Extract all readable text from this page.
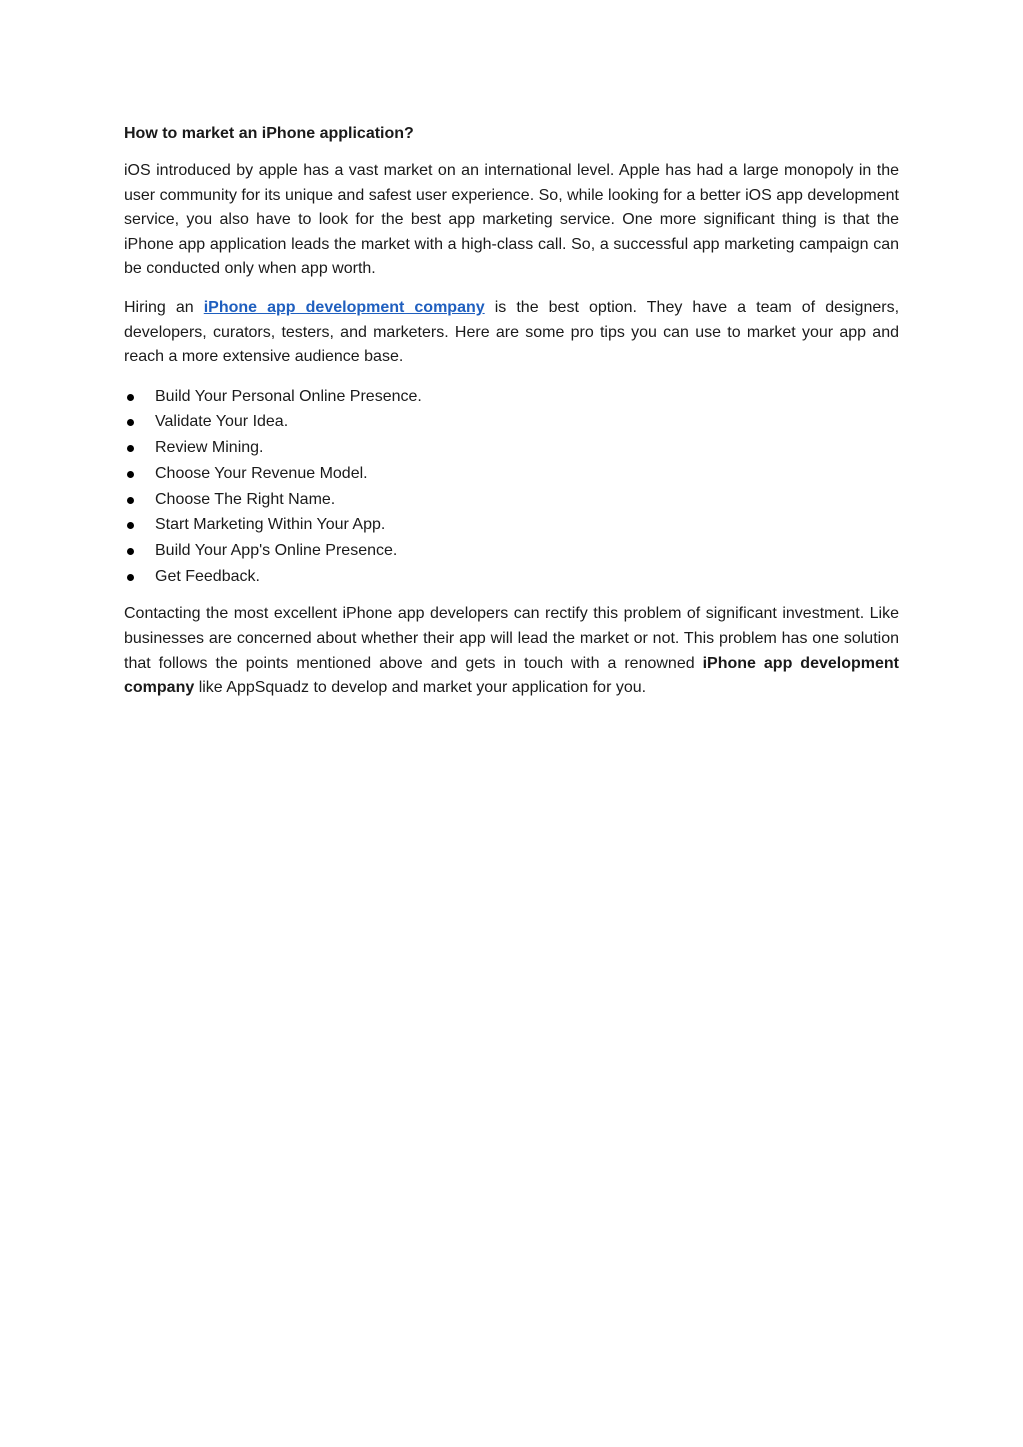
How to market an iPhone application?

iOS introduced by apple has a vast market on an international level. Apple has had a large monopoly in the user community for its unique and safest user experience. So, while looking for a better iOS app development service, you also have to look for the best app marketing service. One more significant thing is that the iPhone app application leads the market with a high-class call. So, a successful app marketing campaign can be conducted only when app worth.

Hiring an iPhone app development company is the best option. They have a team of designers, developers, curators, testers, and marketers. Here are some pro tips you can use to market your app and reach a more extensive audience base.

Build Your Personal Online Presence.
Validate Your Idea.
Review Mining.
Choose Your Revenue Model.
Choose The Right Name.
Start Marketing Within Your App.
Build Your App's Online Presence.
Get Feedback.

Contacting the most excellent iPhone app developers can rectify this problem of significant investment. Like businesses are concerned about whether their app will lead the market or not. This problem has one solution that follows the points mentioned above and gets in touch with a renowned iPhone app development company like AppSquadz to develop and market your application for you.
